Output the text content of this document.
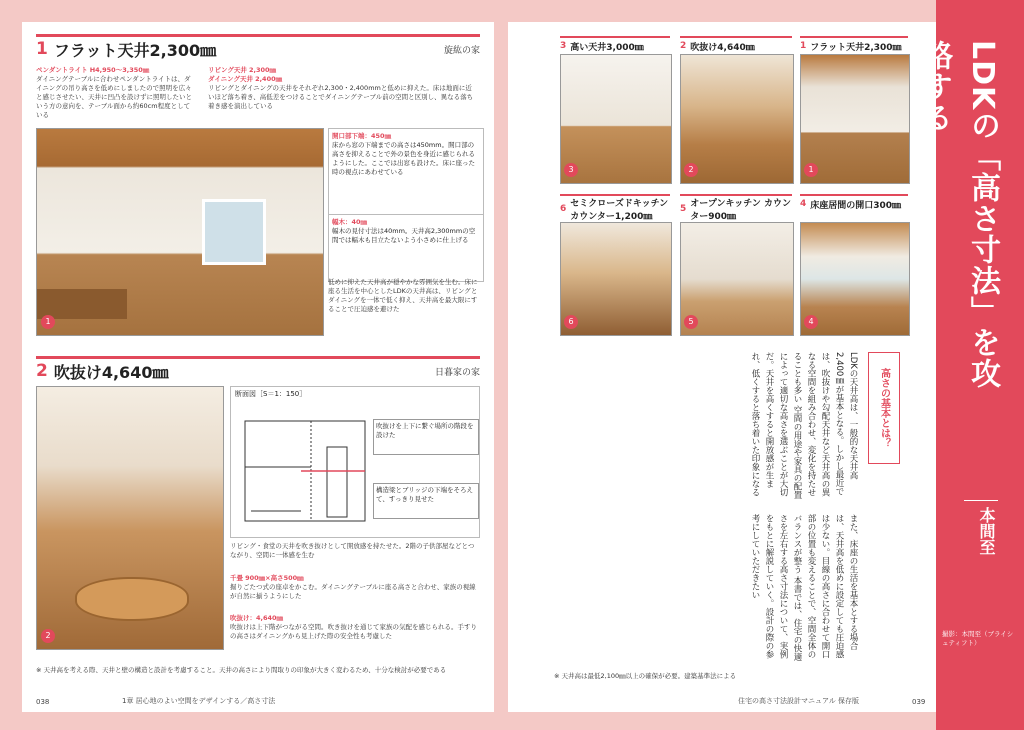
1 フラット天井2,300㎜	旋紘の家
ペンダントライト H4,950〜3,350㎜
ダイニングテーブルに合わせペンダントライトは、ダイニングの吊り高さを低めにしましたので照明を広々と感じさせたい、天井に凹凸を設けずに照明したいという方の意向を、テーブル面から約60cm程度としている
リビング天井 2,300㎜
ダイニング天井 2,400㎜
リビングとダイニングの天井をそれぞれ2,300・2,400mmと低めに抑えた。床は地面に近いほど落ち着き、高低差をつけることでダイニングテーブル前の空間と区別し、異なる落ち着き感を演出している
1
開口部下端：450㎜
床から窓の下端までの高さは450mm。開口部の高さを抑えることで外の景色を身近に感じられるようにした。ここでは出窓も設けた。床に座った時の視点にあわせている
幅木：40㎜
幅木の見付寸法は40mm。天井高2,300mmの空間では幅木も目立たないよう小さめに仕上げる
低めに抑えた天井高が穏やかな雰囲気を生む。床に座る生活を中心としたLDKの天井高は、リビングとダイニングを一体で低く抑え、天井高を最大限にすることで圧迫感を避けた
2 吹抜け4,640㎜	日暮家の家
2
断面図［S＝1：150］
吹抜けを上下に繋ぐ場所の階段を設けた
構造梁とブリッジの下端をそろえて、すっきり見せた
リビング・食堂の天井を吹き抜けとして開放感を持たせた。2階の子供部屋などとつながり、空間に一体感を生む
千畳 900㎜×高さ500㎜
掘りごたつ式の座卓をかこむ。ダイニングテーブルに座る高さと合わせ、家族の視線が自然に揃うようにした
吹抜け：4,640㎜
吹抜けは上下階がつながる空間。吹き抜けを通じて家族の気配を感じられる。手すりの高さはダイニングから見上げた際の安全性も考慮した
※ 天井高を考える際、天井と壁の構造と設計を考慮すること。天井の高さにより間取りの印象が大きく変わるため、十分な検討が必要である
038	1章 居心地のよい空間をデザインする／高さ寸法
3 高い天井3,000㎜
3
2 吹抜け4,640㎜
2
1 フラット天井2,300㎜
1
6 セミクローズドキッチン カウンター1,200㎜
6
5 オープンキッチン カウンター900㎜
5
4 床座居間の開口300㎜
4
高さの基本とは？
LDKの天井高は、一般的な天井高2,400㎜が基本となる。しかし最近では、吹抜けや勾配天井など天井高の異なる空間を組み合わせ、変化を持たせることも多い 空間の用途や家具の配置によって適切な高さを選ぶことが大切だ。天井を高くすると開放感が生まれ、低くすると落ち着いた印象になる
また、床座の生活を基本とする場合は、天井高を低めに設定しても圧迫感は少ない。目線の高さに合わせて開口部の位置も変えることで、空間全体のバランスが整う 本書では、住宅の快適さを左右する高さ寸法について、実例をもとに解説していく。設計の際の参考にしていただきたい
※ 天井高は最低2,100㎜以上の確保が必要。建築基準法による
住宅の高さ寸法設計マニュアル 保存版	039
LDKの「高さ寸法」を攻略する
本間至
撮影：本間至（ブライシュティフト）
